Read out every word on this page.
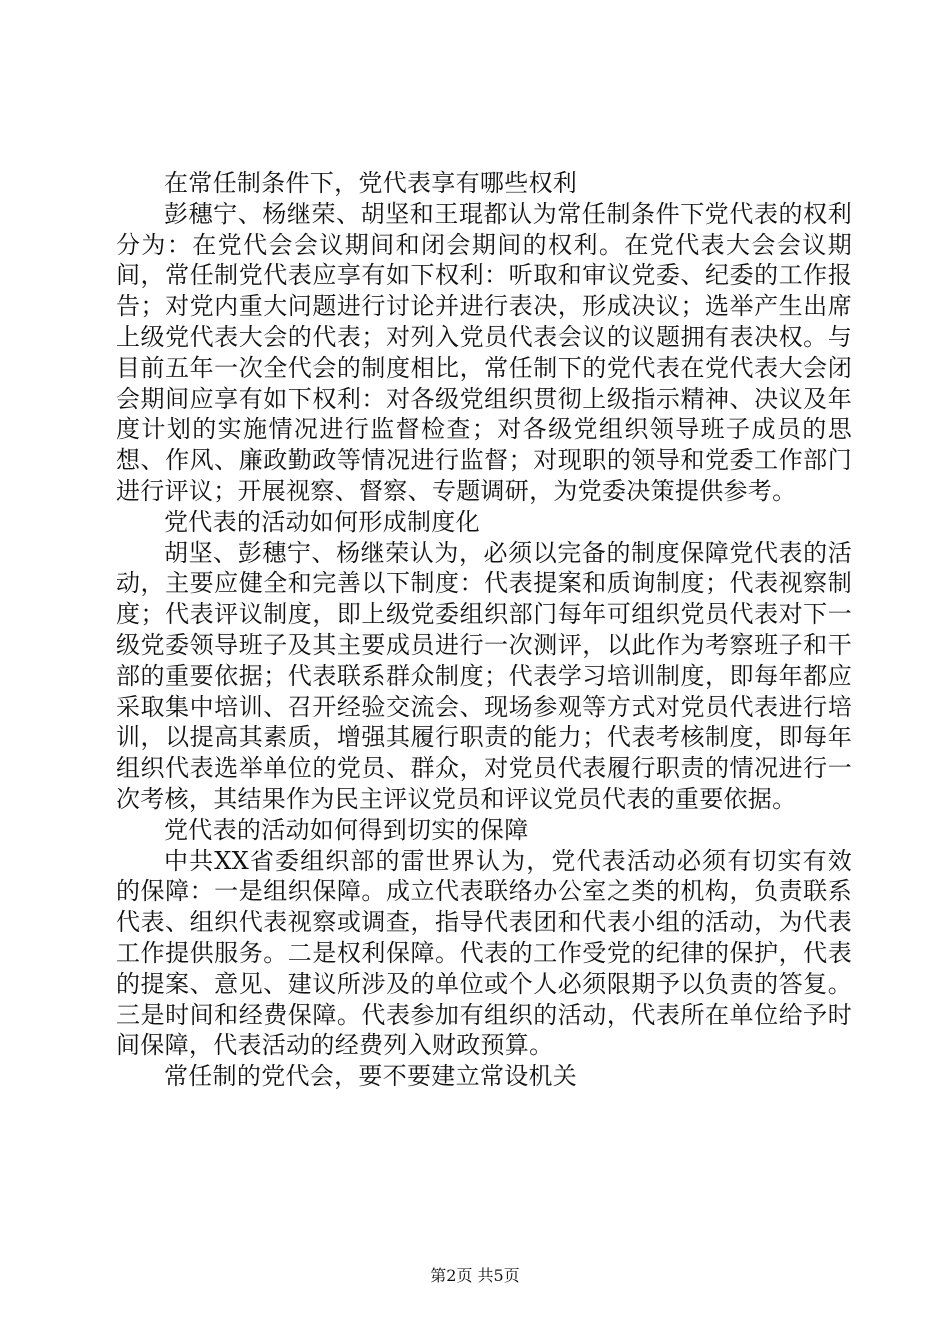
在常任制条件下，党代表享有哪些权利

彭穗宁、杨继荣、胡坚和王琨都认为常任制条件下党代表的权利分为：在党代会会议期间和闭会期间的权利。在党代表大会会议期间，常任制党代表应享有如下权利：听取和审议党委、纪委的工作报告；对党内重大问题进行讨论并进行表决，形成决议；选举产生出席上级党代表大会的代表；对列入党员代表会议的议题拥有表决权。与目前五年一次全代会的制度相比，常任制下的党代表在党代表大会闭会期间应享有如下权利：对各级党组织贯彻上级指示精神、决议及年度计划的实施情况进行监督检查；对各级党组织领导班子成员的思想、作风、廉政勤政等情况进行监督；对现职的领导和党委工作部门进行评议；开展视察、督察、专题调研，为党委决策提供参考。

党代表的活动如何形成制度化

胡坚、彭穗宁、杨继荣认为，必须以完备的制度保障党代表的活动，主要应健全和完善以下制度：代表提案和质询制度；代表视察制度；代表评议制度，即上级党委组织部门每年可组织党员代表对下一级党委领导班子及其主要成员进行一次测评，以此作为考察班子和干部的重要依据；代表联系群众制度；代表学习培训制度，即每年都应采取集中培训、召开经验交流会、现场参观等方式对党员代表进行培训，以提高其素质，增强其履行职责的能力；代表考核制度，即每年组织代表选举单位的党员、群众，对党员代表履行职责的情况进行一次考核，其结果作为民主评议党员和评议党员代表的重要依据。

党代表的活动如何得到切实的保障

中共XX省委组织部的雷世界认为，党代表活动必须有切实有效的保障：一是组织保障。成立代表联络办公室之类的机构，负责联系代表、组织代表视察或调查，指导代表团和代表小组的活动，为代表工作提供服务。二是权利保障。代表的工作受党的纪律的保护，代表的提案、意见、建议所涉及的单位或个人必须限期予以负责的答复。三是时间和经费保障。代表参加有组织的活动，代表所在单位给予时间保障，代表活动的经费列入财政预算。

常任制的党代会，要不要建立常设机关

第2页 共5页
